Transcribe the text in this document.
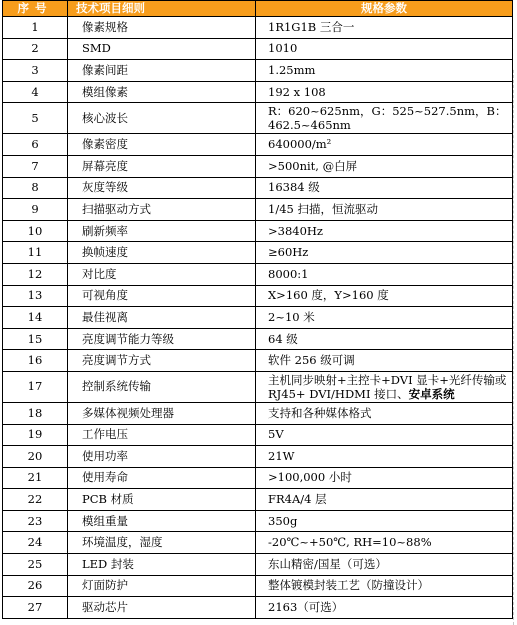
序号	技术项目细则	规格参数
1	像素规格	1R1G1B 三合一
2	SMD	1010
3	像素间距	1.25mm
4	模组像素	192 x 108
5	核心波长	R：620~625nm，G：525~527.5nm，B：462.5~465nm
6	像素密度	640000/m²
7	屏幕亮度	>500nit, @白屏
8	灰度等级	16384 级
9	扫描驱动方式	1/45 扫描，恒流驱动
10	刷新频率	>3840Hz
11	换帧速度	≥60Hz
12	对比度	8000:1
13	可视角度	X>160 度，Y>160 度
14	最佳视离	2~10 米
15	亮度调节能力等级	64 级
16	亮度调节方式	软件 256 级可调
17	控制系统传输	主机同步映射+主控卡+DVI 显卡+光纤传输或 RJ45+ DVI/HDMI 接口、安卓系统
18	多媒体视频处理器	支持和各种媒体格式
19	工作电压	5V
20	使用功率	21W
21	使用寿命	>100,000 小时
22	PCB 材质	FR4A/4 层
23	模组重量	350g
24	环境温度，湿度	-20℃~+50℃, RH=10~88%
25	LED 封装	东山精密/国星（可选）
26	灯面防护	整体镀模封装工艺（防撞设计）
27	驱动芯片	2163（可选）
